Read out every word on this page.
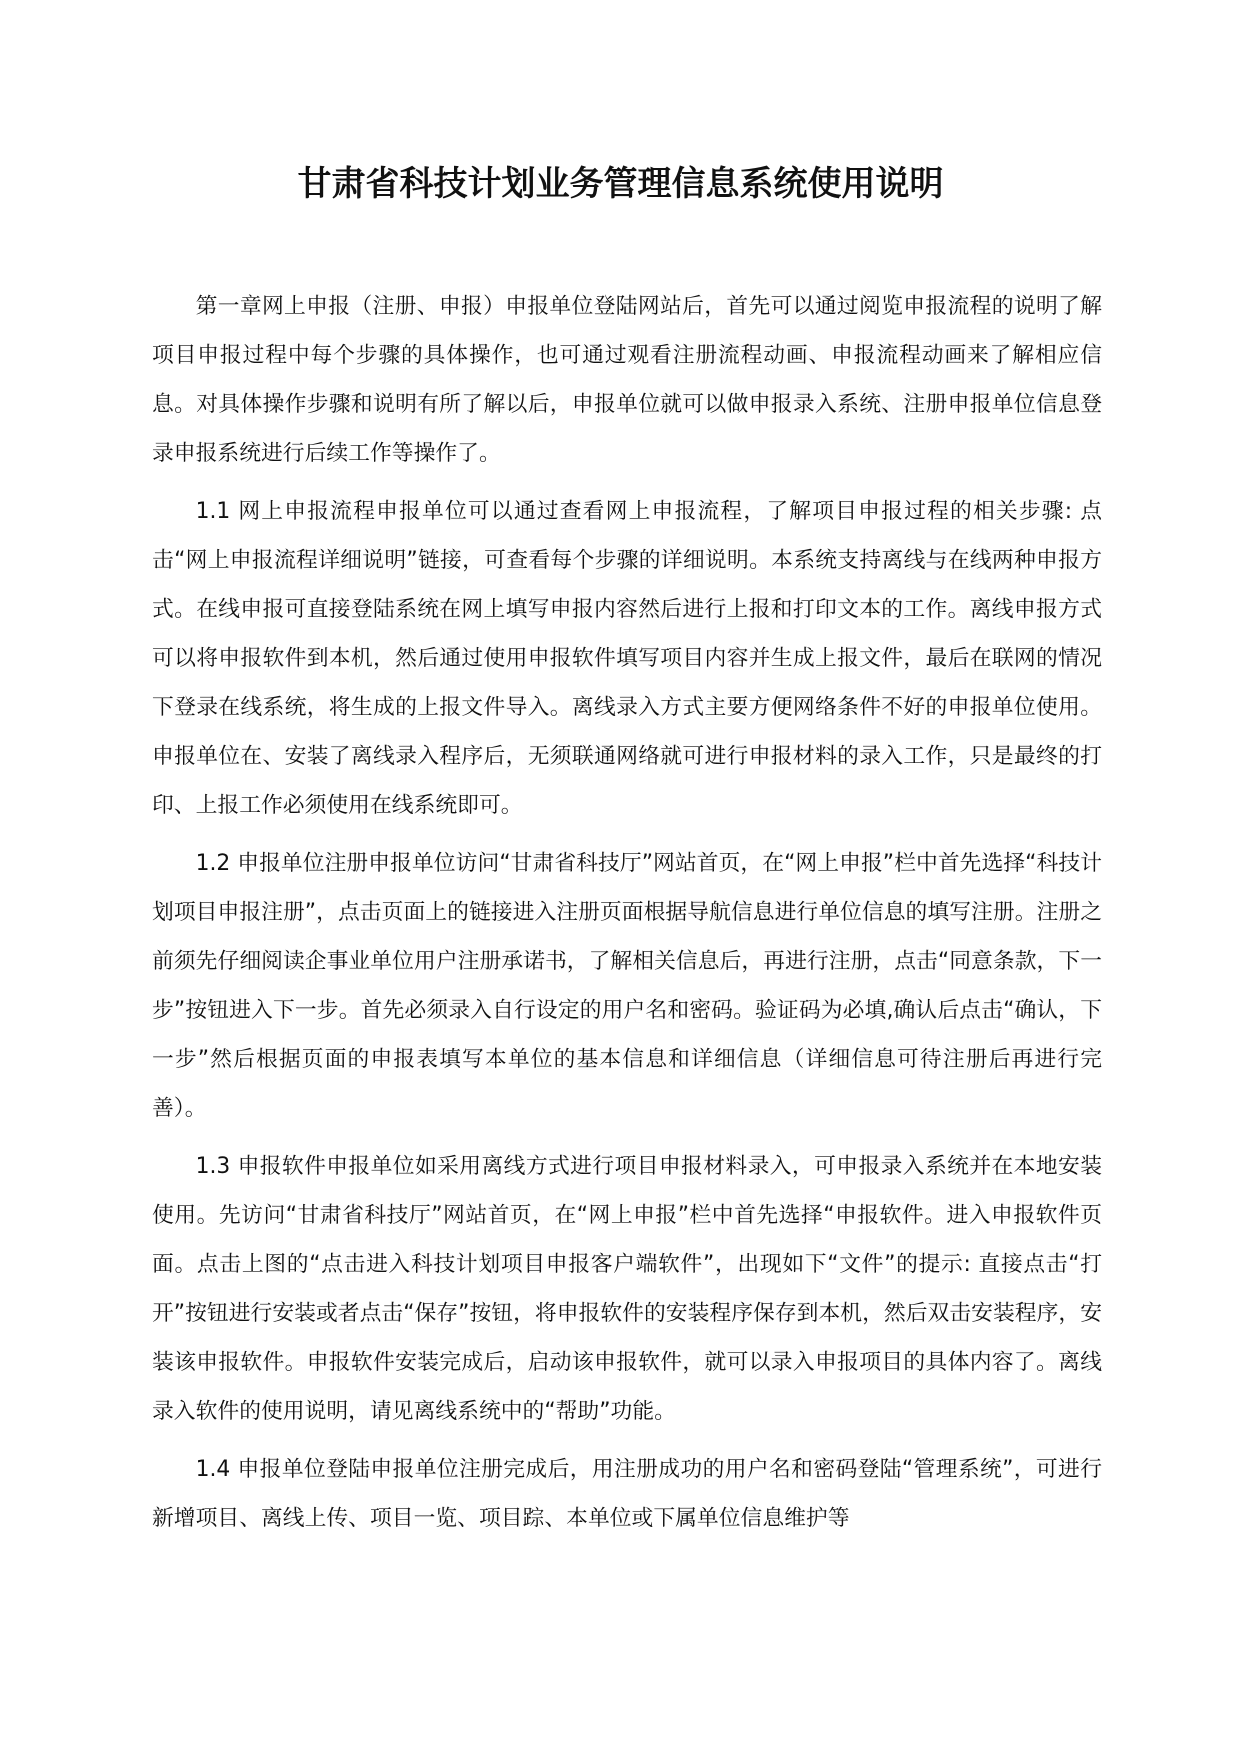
甘肃省科技计划业务管理信息系统使用说明

第一章网上申报（注册、申报）申报单位登陆网站后，首先可以通过阅览申报流程的说明了解项目申报过程中每个步骤的具体操作，也可通过观看注册流程动画、申报流程动画来了解相应信息。对具体操作步骤和说明有所了解以后，申报单位就可以做申报录入系统、注册申报单位信息登录申报系统进行后续工作等操作了。

1.1 网上申报流程申报单位可以通过查看网上申报流程，了解项目申报过程的相关步骤: 点击“网上申报流程详细说明”链接，可查看每个步骤的详细说明。本系统支持离线与在线两种申报方式。在线申报可直接登陆系统在网上填写申报内容然后进行上报和打印文本的工作。离线申报方式可以将申报软件到本机，然后通过使用申报软件填写项目内容并生成上报文件，最后在联网的情况下登录在线系统，将生成的上报文件导入。离线录入方式主要方便网络条件不好的申报单位使用。申报单位在、安装了离线录入程序后，无须联通网络就可进行申报材料的录入工作，只是最终的打印、上报工作必须使用在线系统即可。

1.2 申报单位注册申报单位访问“甘肃省科技厅”网站首页，在“网上申报”栏中首先选择“科技计划项目申报注册”，点击页面上的链接进入注册页面根据导航信息进行单位信息的填写注册。注册之前须先仔细阅读企事业单位用户注册承诺书，了解相关信息后，再进行注册，点击“同意条款，下一步”按钮进入下一步。首先必须录入自行设定的用户名和密码。验证码为必填,确认后点击“确认，下一步”然后根据页面的申报表填写本单位的基本信息和详细信息（详细信息可待注册后再进行完善）。

1.3 申报软件申报单位如采用离线方式进行项目申报材料录入，可申报录入系统并在本地安装使用。先访问“甘肃省科技厅”网站首页，在“网上申报”栏中首先选择“申报软件。进入申报软件页面。点击上图的“点击进入科技计划项目申报客户端软件”，出现如下“文件”的提示: 直接点击“打开”按钮进行安装或者点击“保存”按钮，将申报软件的安装程序保存到本机，然后双击安装程序，安装该申报软件。申报软件安装完成后，启动该申报软件，就可以录入申报项目的具体内容了。离线录入软件的使用说明，请见离线系统中的“帮助”功能。

1.4 申报单位登陆申报单位注册完成后，用注册成功的用户名和密码登陆“管理系统”，可进行新增项目、离线上传、项目一览、项目踪、本单位或下属单位信息维护等
